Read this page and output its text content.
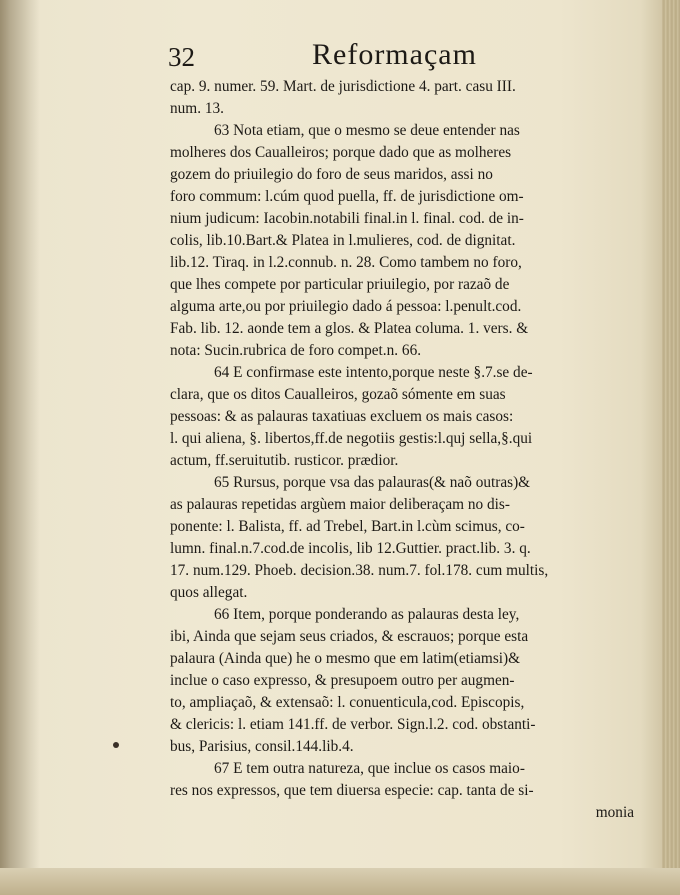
32	Reformaçam
cap. 9. numer. 59. Mart. de jurisdictione 4. part. casu III.
num. 13.
63 Nota etiam, que o mesmo se deue entender nas
molheres dos Caualleiros; porque dado que as molheres
gozem do priuilegio do foro de seus maridos, assi no
foro commum: l.cúm quod puella, ff. de jurisdictione om-
nium judicum: Iacobin.notabili final.in l. final. cod. de in-
colis, lib.10.Bart.& Platea in l.mulieres, cod. de dignitat.
lib.12. Tiraq. in l.2.connub. n. 28. Como tambem no foro,
que lhes compete por particular priuilegio, por razaõ de
alguma arte,ou por priuilegio dado á pessoa: l.penult.cod.
Fab. lib. 12. aonde tem a glos. & Platea columa. 1. vers. &
nota: Sucin.rubrica de foro compet.n. 66.
64 E confirmase este intento,porque neste §.7.se de-
clara, que os ditos Caualleiros, gozaõ sómente em suas
pessoas: & as palauras taxatiuas excluem os mais casos:
l. qui aliena, §. libertos,ff.de negotiis gestis:l.quj sella,§.qui
actum, ff.seruitutib. rusticor. prædior.
65 Rursus, porque vsa das palauras(& naõ outras)&
as palauras repetidas argùem maior deliberaçam no dis-
ponente: l. Balista, ff. ad Trebel, Bart.in l.cùm scimus, co-
lumn. final.n.7.cod.de incolis, lib 12.Guttier. pract.lib. 3. q.
17. num.129. Phoeb. decision.38. num.7. fol.178. cum multis,
quos allegat.
66 Item, porque ponderando as palauras desta ley,
ibi, Ainda que sejam seus criados, & escrauos; porque esta
palaura (Ainda que) he o mesmo que em latim(etiamsi)&
inclue o caso expresso, & presupoem outro per augmen-
to, ampliaçaõ, & extensaõ: l. conuenticula,cod. Episcopis,
& clericis: l. etiam 141.ff. de verbor. Sign.l.2. cod. obstanti-
bus, Parisius, consil.144.lib.4.
67 E tem outra natureza, que inclue os casos maio-
res nos expressos, que tem diuersa especie: cap. tanta de si-
monia
